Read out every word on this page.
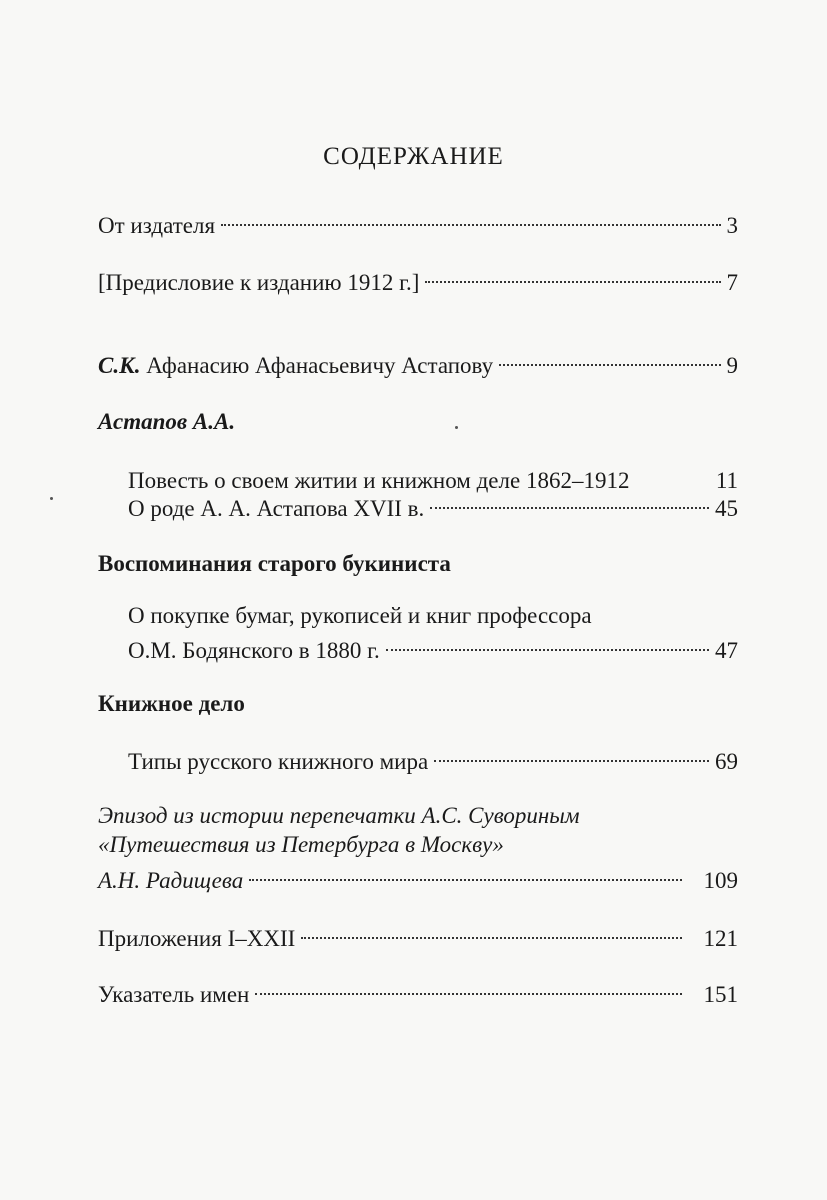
СОДЕРЖАНИЕ
От издателя	3
[Предисловие к изданию 1912 г.]	7
С.К. Афанасию Афанасьевичу Астапову	9
Астапов А.А.
Повесть о своем житии и книжном деле 1862–1912	11
О роде А. А. Астапова XVII в.	45
Воспоминания старого букиниста
О покупке бумаг, рукописей и книг профессора
О.М. Бодянского в 1880 г.	47
Книжное дело
Типы русского книжного мира	69
Эпизод из истории перепечатки А.С. Сувориным
«Путешествия из Петербурга в Москву»
А.Н. Радищева	109
Приложения I–XXII	121
Указатель имен	151
